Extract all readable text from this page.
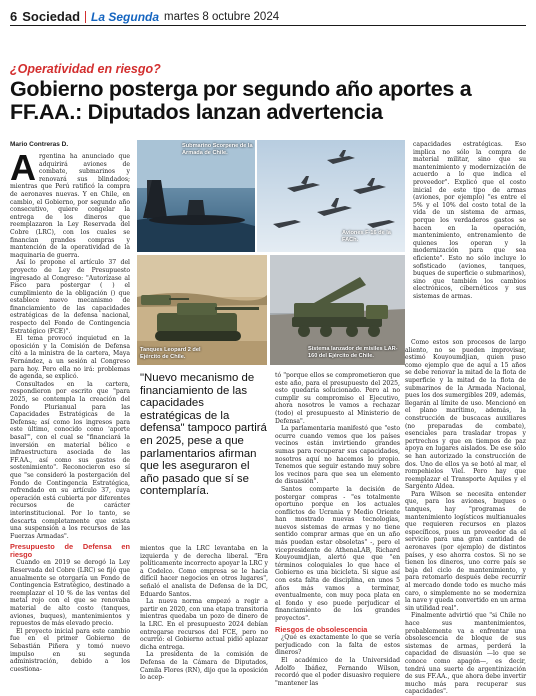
6 Sociedad La Segunda martes 8 octubre 2024
¿Operatividad en riesgo?
Gobierno posterga por segundo año aportes a FF.AA.: Diputados lanzan advertencia
Mario Contreras D.
A rgentina ha anunciado que adquirirá aviones de combate, submarinos y renovará sus blindados; mientras que Perú ratificó la compra de aeronaves nuevas. Y en Chile, en cambio, el Gobierno, por segundo año consecutivo, quiere congelar la entrega de los dineros que reemplazaron la Ley Reservada del Cobre (LRC), con los cuales se financian grandes compras y mantención de la operatividad de la maquinaria de guerra.

Así lo propone el artículo 37 del proyecto de Ley de Presupuesto ingresado al Congreso: "Autorízase al Fisco para postergar ( ) el cumplimiento de la obligación () que establece nuevo mecanismo de financiamiento de las capacidades estratégicas de la defensa nacional, respecto del Fondo de Contingencia Estratégico (FCE)".

El tema provocó inquietud en la oposición y la Comisión de Defensa citó a la ministra de la cartera, Maya Fernández, a un sesión al Congreso para hoy. Pero ella no irá: problemas de agenda, se explicó.

Consultados en la cartera, respondieron por escrito que "para 2025, se contempla la creación del Fondo Plurianual para las Capacidades Estratégicas de la Defensa; así como los ingresos para este último, conocido como 'aporte basal'", con el cual se "financiará la inversión en material bélico e infraestructura asociada de las FF.AA., así como sus gastos de sostenimiento". Reconocieron eso sí que "se consideró la postergación del Fondo de Contingencia Estratégica, refrendado en su artículo 37, cuya operación está cubierta por diferentes recursos de carácter interinstitucional. Por lo tanto, se descarta completamente que exista una suspensión a los recursos de las Fuerzas Armadas".

Presupuesto de Defensa en riesgo

Cuando en 2019 se derogó la Ley Reservada del Cobre (LRC) se fijó que anualmente se otorgaría un Fondo de Contingencia Estratégico, destinado a reemplazar el 10 % de las ventas del metal rojo con el que se renovaba material de alto costo (tanques, aviones, buques), mantenimientos y repuestos de más elevado precio.

El proyecto inicial para este cambio fue en el primer Gobierno de Sebastián Piñera y tomó nuevo impulso en su segunda administración, debido a los cuestiona-

Submarino Scorpene de la Armada de Chile.
Aviones F-16 de la FACh.
Tanques Leopard 2 del Ejército de Chile.
Sistema lanzador de misiles LAR-160 del Ejército de Chile.
"Nuevo mecanismo de financiamiento de las capacidades estratégicas de la defensa" tampoco partirá en 2025, pese a que parlamentarios afirman que les aseguraron el año pasado que sí se contemplaría.
mientos que la LRC levantaba en la izquierda y de derecha liberal. "Era políticamente incorrecto apoyar la LRC y a Codelco. Como empresa se le hacía difícil hacer negocios en otros lugares", señaló el analista de Defensa de la DC, Eduardo Santos.

La nueva norma empezó a regir a partir en 2020, con una etapa transitoria mientras quedaba un pozo de dinero de la LRC. En el presupuesto 2024 debían entregarse recursos del FCE, pero no ocurrió: el Gobierno actual pidió aplazar dicha entrega.

La presidenta de la comisión de Defensa de la Cámara de Diputados, Camila Flores (RN), dijo que la oposición lo acep-

tó "porque ellos se comprometieron que este año, para el presupuesto del 2025, esto quedaría solucionado. Pero al no cumplir su compromiso el Ejecutivo, ahora nosotros le vamos a rechazar (todo) el presupuesto al Ministerio de Defensa".

La parlamentaria manifestó que "esto ocurre cuando vemos que los países vecinos están invirtiendo grandes sumas para recuperar sus capacidades, nosotros aquí no hacemos lo propio. Tenemos que seguir estando muy sobre los vecinos para que sea un elemento de disuasión".

Santos comparte la decisión de postergar compras - "es totalmente oportuno porque en los actuales conflictos de Ucrania y Medio Oriente han mostrado nuevas tecnologías, nuevos sistemas de armas y no tiene sentido comprar armas que en un año más puedan estar obsoletas" -, pero el vicepresidente de AthenaLAB, Richard Kouyoumdjian, alertó que que "en términos coloquiales lo que hace el Gobierno es una bicicleta. Si sigue así con esta falta de disciplina, en unos 5 años más vamos a terminar, eventualmente, con muy poca plata en el fondo y eso puede perjudicar el financiamiento de los grandes proyectos".

Riesgos de obsolescencia

¿Qué es exactamente lo que se vería perjudicado con la falta de estos dineros?

El académico de la Universidad Adolfo Ibáñez, Fernando Wilson, recordó que el poder disuasivo requiere "mantener las

capacidades estratégicas. Eso implica no sólo la compra de material militar, sino que su mantenimiento y modernización de acuerdo a lo que indica el proveedor". Explicó que el costo inicial de este tipo de armas (aviones, por ejemplo) "es entre el 5% y el 10% del costo total de la vida de un sistema de armas, porque los verdaderos gastos se hacen en la operación, mantenimiento, entrenamiento de quienes los operan y la modernización para que sea eficiente". Esto no sólo incluye lo sofisticado (aviones, tanques, buques de superficie o submarinos), sino que también los cambios electrónicos, cibernéticos y sus sistemas de armas.

Como estos son procesos de largo aliento, no se pueden improvisar, estimó Kouyoumdjian, quien puso como ejemplo que de aquí a 15 años se debe renovar la mitad de la flota de superficie y la mitad de la flota de submarinos de la Armada Nacional, pues los dos sumergibles 209, además, llegarán al límite de uso. Mencionó en el plano marítimo, además, la construcción de buscacas auxiliares (no preparadas de combate), esenciales para trasladar tropas y pertrechos y que en tiempos de paz apoya en lugares aislados. De ese sólo se han autorizado la construcción de dos. Uno de ellos ya se botó al mar, el rompehielos Viel. Pero hay que reemplazar el Transporte Aquiles y el Sargento Aldea.

Para Wilson se necesita entender que, para los aviones, buques o tanques, hay "programas de mantenimiento logísticos multianuales que requieren recursos en plazos específicos, pues un proveedor da el servicio para una gran cantidad de aeronaves (por ejemplo) de distintos países, y eso ahorra costos. Si no se tienen los dineros, uno corre país se baja del ciclo de mantenimiento, y para retomarlo después debe recurrir al mercado donde todo es mucho más caro, o simplemente no se moderniza la nave y queda convertido en un arma sin utilidad real".

Finalmente advirtió que "si Chile no hace sus mantenimientos, probablemente va a enfrentar una obsolescencia de bloque de sus sistemas de armas, perderá la capacidad de disuasión —lo que se conoce como apagón—, es decir, tendrá una suerte de argentinización de sus FF.AA., que ahora debe invertir mucho más para recuperar sus capacidades".
